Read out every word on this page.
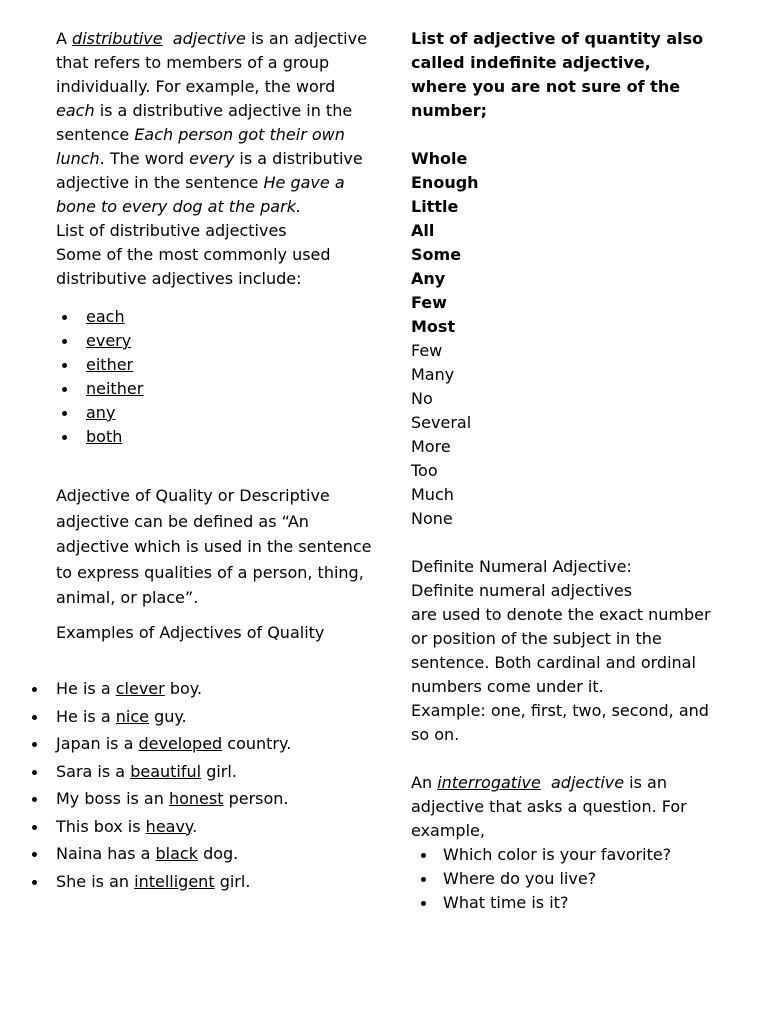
A distributive adjective is an adjective that refers to members of a group individually. For example, the word each is a distributive adjective in the sentence Each person got their own lunch. The word every is a distributive adjective in the sentence He gave a bone to every dog at the park.

List of distributive adjectives

Some of the most commonly used distributive adjectives include:

each
every
either
neither
any
both

Adjective of Quality or Descriptive adjective can be defined as “An adjective which is used in the sentence to express qualities of a person, thing, animal, or place”.

Examples of Adjectives of Quality

He is a clever boy.
He is a nice guy.
Japan is a developed country.
Sara is a beautiful girl.
My boss is an honest person.
This box is heavy.
Naina has a black dog.
She is an intelligent girl.

List of adjective of quantity also called indefinite adjective, where you are not sure of the number;

Whole
Enough
Little
All
Some
Any
Few
Most
Few
Many
No
Several
More
Too
Much
None

Definite Numeral Adjective:

Definite numeral adjectives

are used to denote the exact number or position of the subject in the sentence. Both cardinal and ordinal numbers come under it.

Example: one, first, two, second, and so on.

An interrogative adjective is an adjective that asks a question. For example,

Which color is your favorite?
Where do you live?
What time is it?
